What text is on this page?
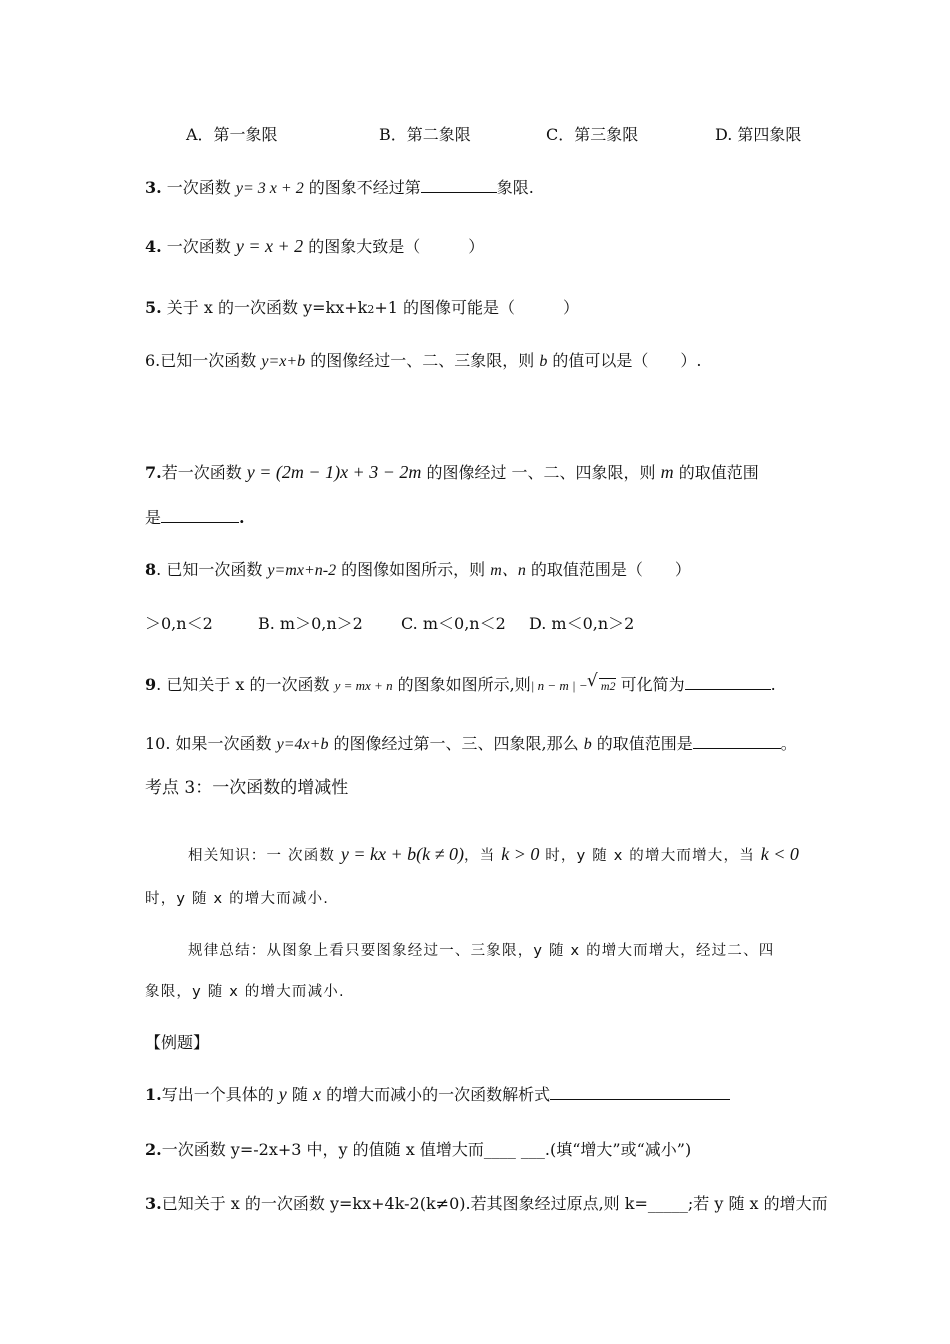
A．第一象限	B．第二象限	C．第三象限	D. 第四象限
3. 一次函数 y= 3 x + 2 的图象不经过第	象限.
4. 一次函数 y = x + 2 的图象大致是（　　　）
5. 关于 x 的一次函数 y=kx+k2+1 的图像可能是（　　　）
6.已知一次函数 y=x+b 的图像经过一、二、三象限，则 b 的值可以是（　　）.
7.若一次函数 y = (2m − 1)x + 3 − 2m 的图像经过 一、二、四象限，则 m 的取值范围
是	.
8. 已知一次函数 y=mx+n-2 的图像如图所示，则 m、n 的取值范围是（　　）
＞0,n＜2	B. m＞0,n＞2 C. m＜0,n＜2 D. m＜0,n＞2
9. 已知关于 x 的一次函数 y = mx + n 的图象如图所示,则| n − m | − √ m2 可化简为	.
10. 如果一次函数 y=4x+b 的图像经过第一、三、四象限,那么 b 的取值范围是	。
考点 3：一次函数的增减性
相关知识：一 次函数 y = kx + b(k ≠ 0)，当 k > 0 时，y 随 x 的增大而增大，当 k < 0
时，y 随 x 的增大而减小.
规律总结：从图象上看只要图象经过一、三象限，y 随 x 的增大而增大，经过二、四
象限，y 随 x 的增大而减小.
【例题】
1.写出一个具体的 y 随 x 的增大而减小的一次函数解析式
2.一次函数 y=-2x+3 中，y 的值随 x 值增大而____ ___.(填“增大”或“减小”)
3.已知关于 x 的一次函数 y=kx+4k-2(k≠0).若其图象经过原点,则 k=_____;若 y 随 x 的增大而
